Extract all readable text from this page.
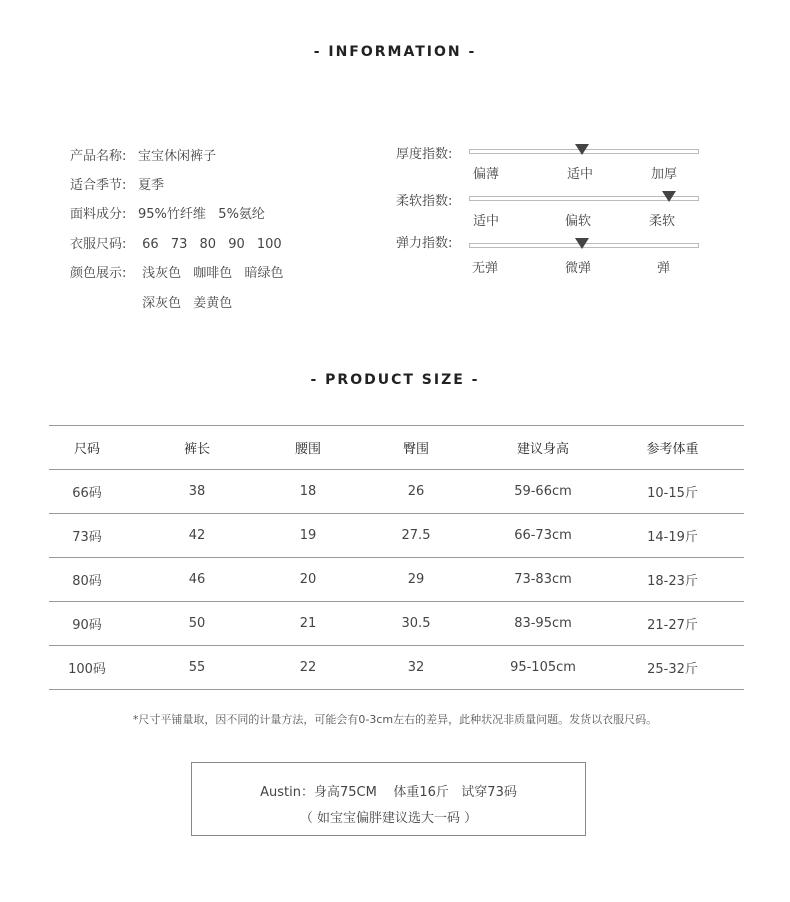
- INFORMATION -
产品名称: 宝宝休闲裤子
适合季节: 夏季
面料成分: 95%竹纤维   5%氨纶
衣服尺码: 66 73 80 90 100
颜色展示: 浅灰色 咖啡色 暗绿色
深灰色 姜黄色
厚度指数:
偏薄	适中	加厚
柔软指数:
适中	偏软	柔软
弹力指数:
无弹	微弹	弹
- PRODUCT SIZE -
尺码	裤长	腰围	臀围	建议身高	参考体重
66码	38	18	26	59-66cm	10-15斤
73码	42	19	27.5	66-73cm	14-19斤
80码	46	20	29	73-83cm	18-23斤
90码	50	21	30.5	83-95cm	21-27斤
100码	55	22	32	95-105cm	25-32斤
*尺寸平铺量取，因不同的计量方法，可能会有0-3cm左右的差异，此种状况非质量问题。发货以衣服尺码。
Austin：身高75CM    体重16斤   试穿73码
（ 如宝宝偏胖建议选大一码 ）
